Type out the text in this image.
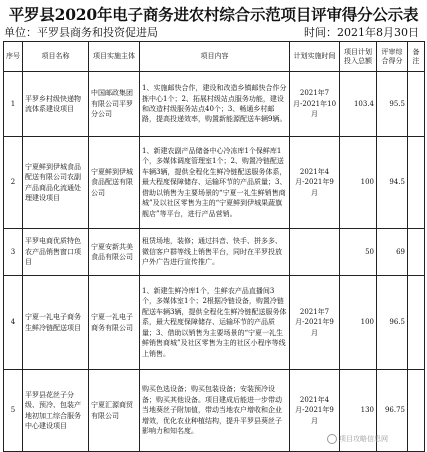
平罗县2020年电子商务进农村综合示范项目评审得分公示表
单位：平罗县商务和投资促进局	时间：2021年8月30日
序号	项目名称	项目实施主体	项目内容	计划实施时间	项目计划投入总额	评审综合得分	备注
1	平罗乡村级快递物流体系建设项目	中国邮政集团有限公司平罗分公司	1、实施邮快合作，建设和改造乡镇邮快合作分拣中心1个；2、拓展村级站点服务功能，建设和改造村级服务站点40个；3、畅通乡村邮路，提高投递效率，购置新能源配送车辆9辆。	2021年7月-2021年10月	103.4	95.5	
2	宁夏鲜到伊城食品配送有限公司农副产品商品化流通处理建设项目	宁夏鲜到伊城食品配送有限公司	1、新建农副产品储备中心冷冻库1个保鲜库1个，多媒体调度管理室1个；2、购置冷链配送车辆3辆，提供全程化生鲜冷链配送服务体系，最大程度保障储存、运输环节的产品质量；3、借助以销售为主要场景的“宁夏一礼生鲜销售商城”及以社区零售为主的“宁夏鲜到伊城果蔬旗舰店”等平台，进行产品营销。	2021年4月-2021年9月	100	94.5	
3	平罗电商优质特色农产品销售窗口项目	宁夏安新共美食品有限公司	租赁场地，装修；通过抖音、快手、拼多多、微信客户群等线上销售平台，同时在平罗投放户外广告进行宣传推广。		50	69	
4	宁夏一礼电子商务生鲜冷链配送项目	宁夏一礼电子商务有限公司	1、新建生鲜冷库1个，生鲜农产品直播间3个，多媒体室1个；2根据冷链设备，购置冷链配送车辆3辆，提供全程化生鲜冷链配送服务体系，最大程度保障储存、运输环节的产品质量；3、借助以销售为主要场景的“宁夏一礼生鲜销售商城”及社区零售为主的社区小程序等线上销售。	2021年7月-2021年9月	100	96.5	
5	平罗县花丝子分级、预冷、包装产地初加工综合服务中心建设项目	宁夏汇源商贸有限公司	购买色选设备；购买包装设备；安装预冷设备；购买其他设备。项目建成后能进一步带动当地葵丝子附加值，带动当地农户增收和企业增效，优化农业种植结构，提升平罗县葵丝子影响力和知名度。	2021年4月-2021年9月	130	96.75	
项目攻略信息网
